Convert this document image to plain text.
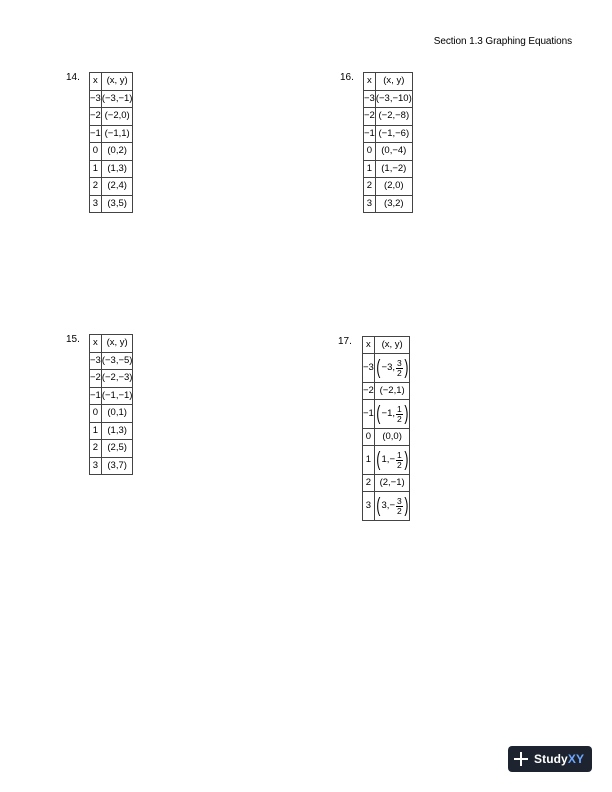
Section 1.3 Graphing Equations
14. x	(x, y)
−3	(−3,−1)
−2	(−2,0)
−1	(−1,1)
0	(0,2)
1	(1,3)
2	(2,4)
3	(3,5)
16. x	(x, y)
−3	(−3,−10)
−2	(−2,−8)
−1	(−1,−6)
0	(0,−4)
1	(1,−2)
2	(2,0)
3	(3,2)
15. x	(x, y)
−3	(−3,−5)
−2	(−2,−3)
−1	(−1,−1)
0	(0,1)
1	(1,3)
2	(2,5)
3	(3,7)
17. x	(x, y)
−3	( −3, $\frac{3}{2}$ )

−2	(−2,1)
−1	( −1, $\frac{1}{2}$ )

0	(0,0)
1	( $1,- \frac{1}{2}$ )

2	(2,−1)
3	( $3,- \frac{3}{2}$ )
StudyXY
